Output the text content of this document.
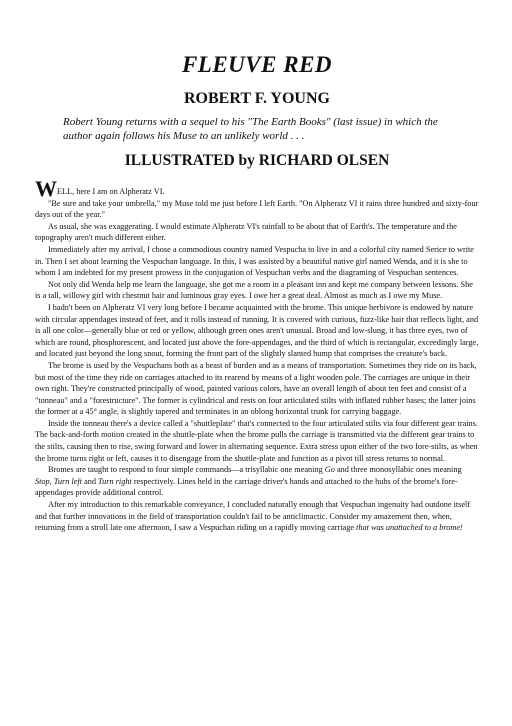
FLEUVE RED
ROBERT F. YOUNG

Robert Young returns with a sequel to his "The Earth Books" (last issue) in which the author again follows his Muse to an unlikely world . . .

ILLUSTRATED by RICHARD OLSEN

WELL, here I am on Alpheratz VI.

"Be sure and take your umbrella," my Muse told me just before I left Earth. "On Alpheratz VI it rains three hundred and sixty-four days out of the year."

As usual, she was exaggerating. I would estimate Alpheratz VI's rainfall to be about that of Earth's. The temperature and the topography aren't much different either.

Immediately after my arrival, I chose a commodious country named Vespucha to live in and a colorful city named Serice to write in. Then I set about learning the Vespuchan language. In this, I was assisted by a beautiful native girl named Wenda, and it is she to whom I am indebted for my present prowess in the conjugation of Vespuchan verbs and the diagraming of Vespuchan sentences.

Not only did Wenda help me learn the language, she got me a room in a pleasant inn and kept me company between lessons. She is a tall, willowy girl with chestnut hair and luminous gray eyes. I owe her a great deal. Almost as much as I owe my Muse.

I hadn't been on Alpheratz VI very long before I became acquainted with the brome. This unique herbivore is endowed by nature with circular appendages instead of feet, and it rolls instead of running. It is covered with curious, fuzz-like hair that reflects light, and is all one color—generally blue or red or yellow, although green ones aren't unusual. Broad and low-slung, it has three eyes, two of which are round, phosphorescent, and located just above the fore-appendages, and the third of which is rectangular, exceedingly large, and located just beyond the long snout, forming the front part of the slightly slanted hump that comprises the creature's back.

The brome is used by the Vespuchans both as a beast of burden and as a means of transportation. Sometimes they ride on its back, but most of the time they ride on carriages attached to its rearend by means of a light wooden pole. The carriages are unique in their own right. They're constructed principally of wood, painted various colors, have an overall length of about ten feet and consist of a "tonneau" and a "forestructure". The former is cylindrical and rests on four articulated stilts with inflated rubber bases; the latter joins the former at a 45° angle, is slightly tapered and terminates in an oblong horizontal trunk for carrying baggage.

Inside the tonneau there's a device called a "shuttleplate" that's connected to the four articulated stilts via four different gear trains. The back-and-forth motion created in the shuttle-plate when the brome pulls the carriage is transmitted via the different gear trains to the stilts, causing then to rise, swing forward and lower in alternating sequence. Extra stress upon either of the two fore-stilts, as when the brome turns right or left, causes it to disengage from the shuttle-plate and function as a pivot till stress returns to normal.

Bromes are taught to respond to four simple commands—a trisyllabic one meaning Go and three monosyllabic ones meaning Stop, Turn left and Turn right respectively. Lines held in the carriage driver's hands and attached to the hubs of the brome's fore-appendages provide additional control.

After my introduction to this remarkable conveyance, I concluded naturally enough that Vespuchan ingenuity had outdone itself and that further innovations in the field of transportation couldn't fail to be anticlimactic. Consider my amazement then, when, returning from a stroll late one afternoon, I saw a Vespuchan riding on a rapidly moving carriage that was unattached to a brome!
